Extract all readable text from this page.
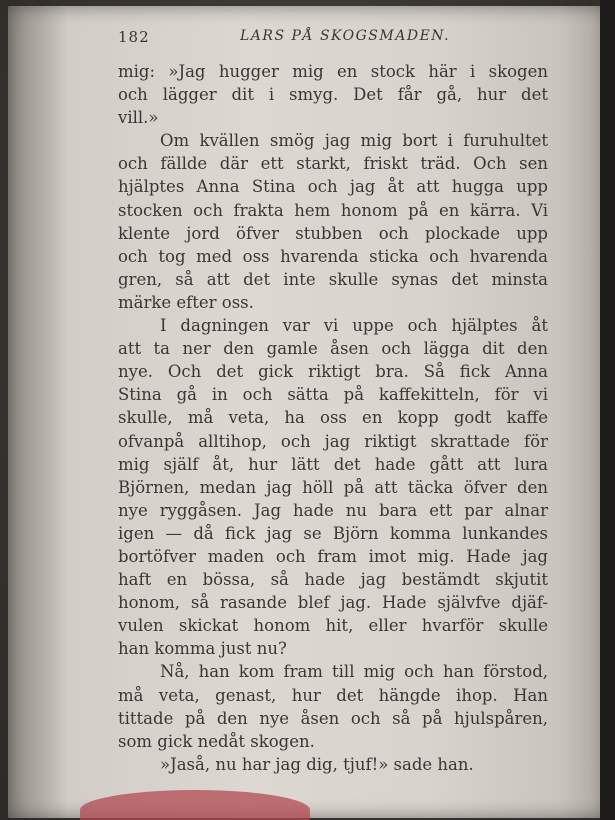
182	LARS PÅ SKOGSMADEN.
mig: »Jag hugger mig en stock här i skogen
och lägger dit i smyg. Det får gå, hur det
vill.»
Om kvällen smög jag mig bort i furuhultet
och fällde där ett starkt, friskt träd. Och sen
hjälptes Anna Stina och jag åt att hugga upp
stocken och frakta hem honom på en kärra. Vi
klente jord öfver stubben och plockade upp
och tog med oss hvarenda sticka och hvarenda
gren, så att det inte skulle synas det minsta
märke efter oss.
I dagningen var vi uppe och hjälptes åt
att ta ner den gamle åsen och lägga dit den
nye. Och det gick riktigt bra. Så fick Anna
Stina gå in och sätta på kaffekitteln, för vi
skulle, må veta, ha oss en kopp godt kaffe
ofvanpå alltihop, och jag riktigt skrattade för
mig själf åt, hur lätt det hade gått att lura
Björnen, medan jag höll på att täcka öfver den
nye ryggåsen. Jag hade nu bara ett par alnar
igen — då fick jag se Björn komma lunkandes
bortöfver maden och fram imot mig. Hade jag
haft en bössa, så hade jag bestämdt skjutit
honom, så rasande blef jag. Hade självfve djäf-
vulen skickat honom hit, eller hvarför skulle
han komma just nu?
Nå, han kom fram till mig och han förstod,
må veta, genast, hur det hängde ihop. Han
tittade på den nye åsen och så på hjulspåren,
som gick nedåt skogen.
»Jaså, nu har jag dig, tjuf!» sade han.
